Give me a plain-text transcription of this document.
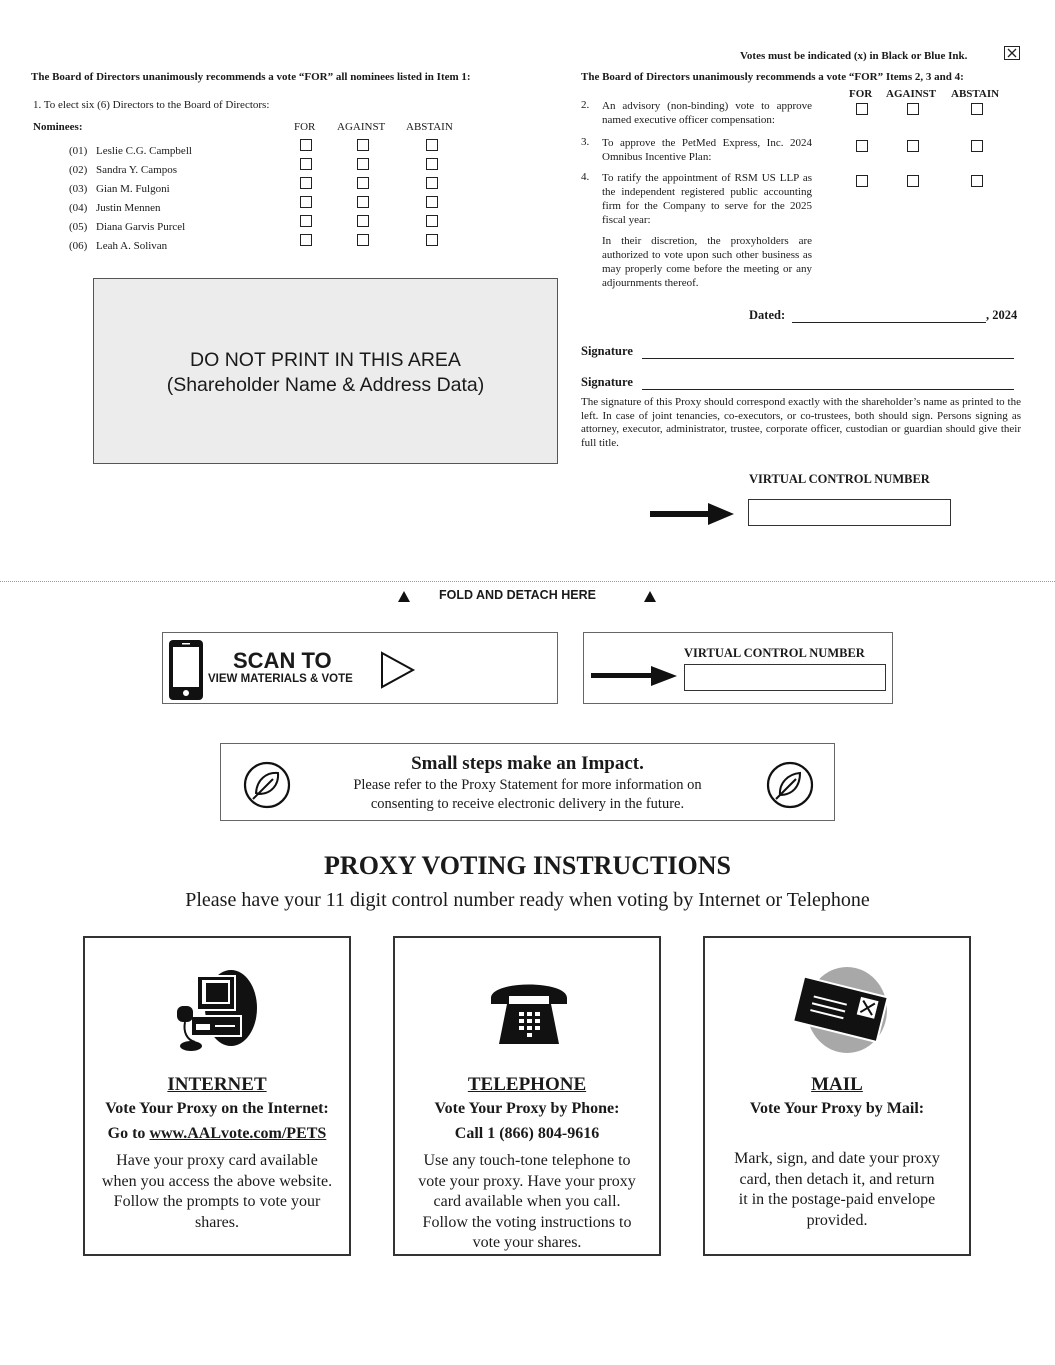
Votes must be indicated (x) in Black or Blue Ink.
The Board of Directors unanimously recommends a vote “FOR” all nominees listed in Item 1:
1. To elect six (6) Directors to the Board of Directors:
Nominees:	FOR AGAINST ABSTAIN
(01) Leslie C.G. Campbell
(02) Sandra Y. Campos
(03) Gian M. Fulgoni
(04) Justin Mennen
(05) Diana Garvis Purcel
(06) Leah A. Solivan
DO NOT PRINT IN THIS AREA
(Shareholder Name & Address Data)
The Board of Directors unanimously recommends a vote “FOR” Items 2, 3 and 4:
FOR AGAINST ABSTAIN
2. An advisory (non-binding) vote to approve named executive officer compensation:
3. To approve the PetMed Express, Inc. 2024 Omnibus Incentive Plan:
4. To ratify the appointment of RSM US LLP as the independent registered public accounting firm for the Company to serve for the 2025 fiscal year:
In their discretion, the proxyholders are authorized to vote upon such other business as may properly come before the meeting or any adjournments thereof.
Dated:	, 2024
Signature
Signature
The signature of this Proxy should correspond exactly with the shareholder’s name as printed to the left. In case of joint tenancies, co-executors, or co-trustees, both should sign. Persons signing as attorney, executor, administrator, trustee, corporate officer, custodian or guardian should give their full title.
VIRTUAL CONTROL NUMBER
FOLD AND DETACH HERE
SCAN TO
VIEW MATERIALS & VOTE
VIRTUAL CONTROL NUMBER
Small steps make an Impact.
Please refer to the Proxy Statement for more information on
consenting to receive electronic delivery in the future.
PROXY VOTING INSTRUCTIONS
Please have your 11 digit control number ready when voting by Internet or Telephone
INTERNET
Vote Your Proxy on the Internet:
Go to www.AALvote.com/PETS
Have your proxy card available
when you access the above website.
Follow the prompts to vote your
shares.
TELEPHONE
Vote Your Proxy by Phone:
Call 1 (866) 804-9616
Use any touch-tone telephone to
vote your proxy. Have your proxy
card available when you call.
Follow the voting instructions to
vote your shares.
MAIL
Vote Your Proxy by Mail:
Mark, sign, and date your proxy
card, then detach it, and return
it in the postage-paid envelope
provided.
